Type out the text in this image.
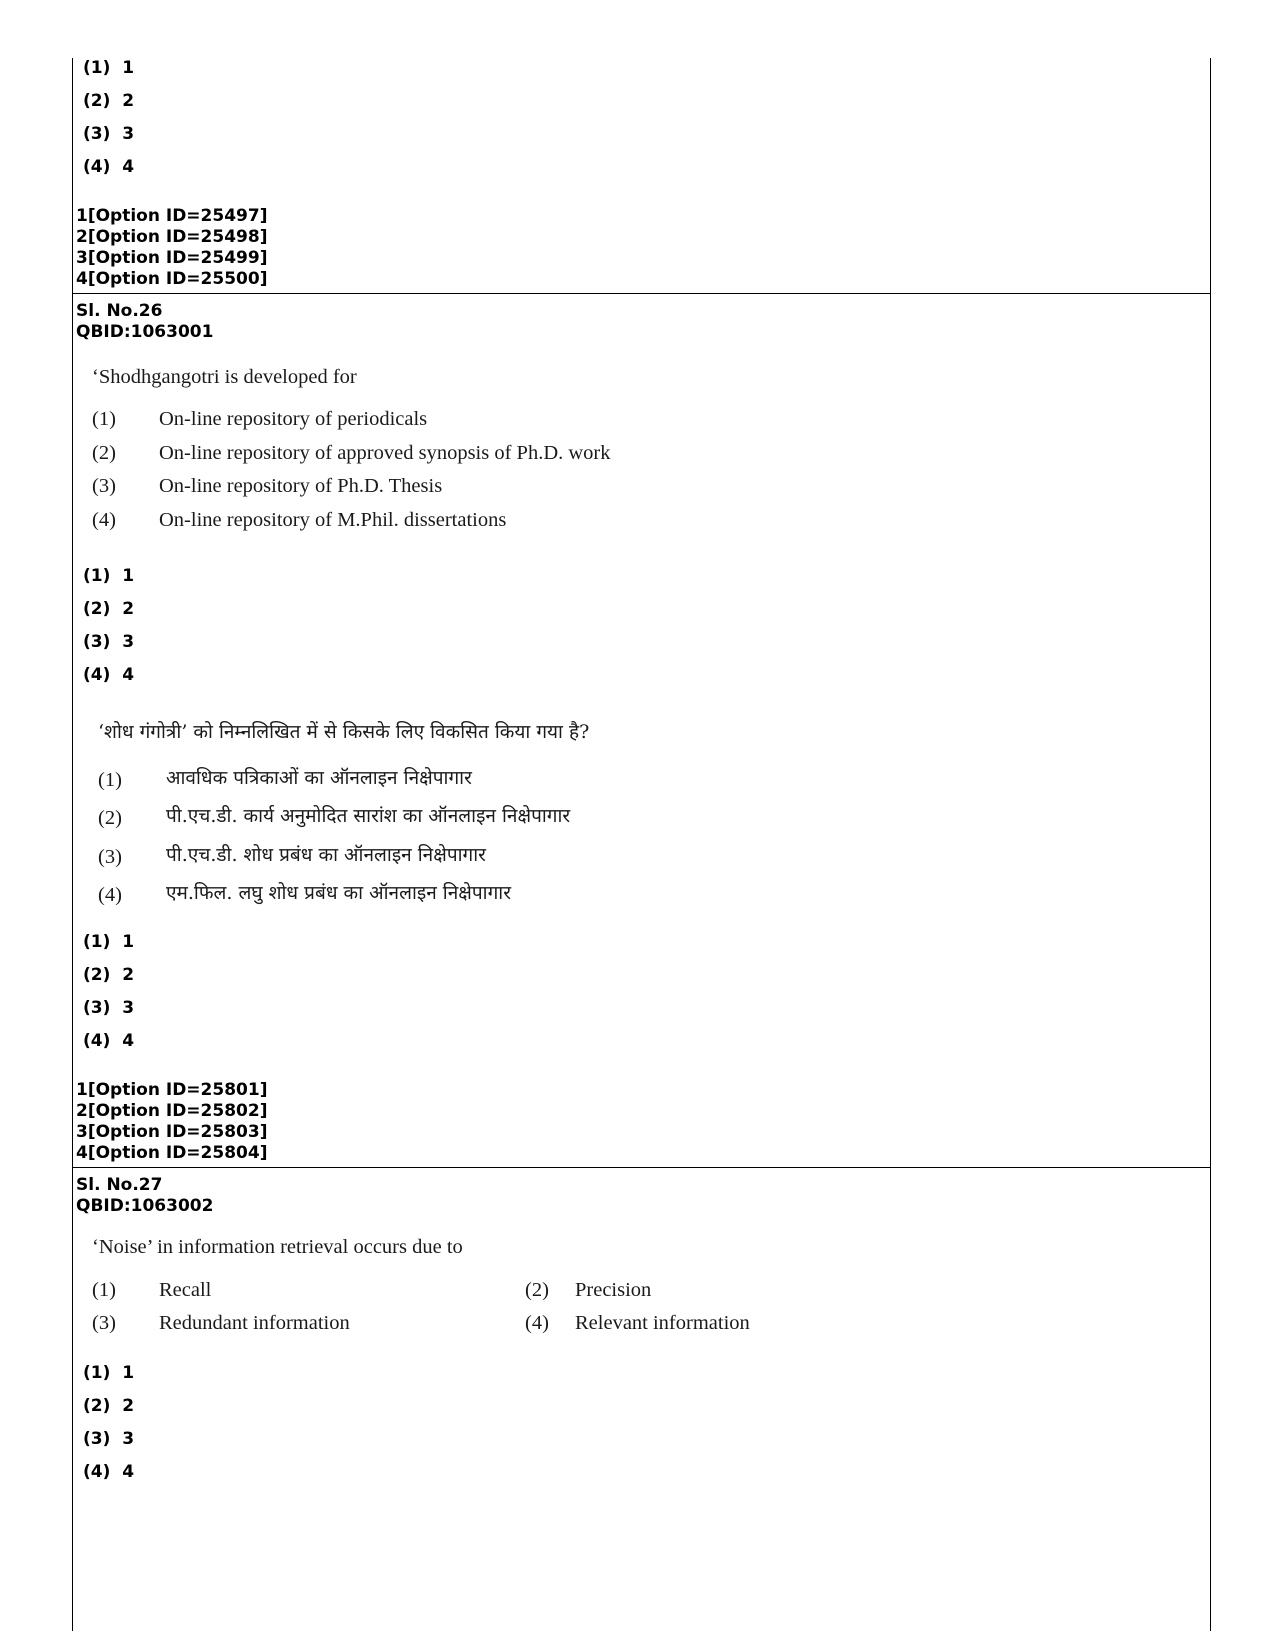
(1)  1
(2)  2
(3)  3
(4)  4
1[Option ID=25497]
2[Option ID=25498]
3[Option ID=25499]
4[Option ID=25500]
Sl. No.26
QBID:1063001
‘Shodhgangotri is developed for
(1) On-line repository of periodicals
(2) On-line repository of approved synopsis of Ph.D. work
(3) On-line repository of Ph.D. Thesis
(4) On-line repository of M.Phil. dissertations
(1)  1
(2)  2
(3)  3
(4)  4
‘शोध गंगोत्री’ को निम्नलिखित में से किसके लिए विकसित किया गया है?
(1) आवधिक पत्रिकाओं का ऑनलाइन निक्षेपागार
(2) पी.एच.डी. कार्य अनुमोदित सारांश का ऑनलाइन निक्षेपागार
(3) पी.एच.डी. शोध प्रबंध का ऑनलाइन निक्षेपागार
(4) एम.फिल. लघु शोध प्रबंध का ऑनलाइन निक्षेपागार
(1)  1
(2)  2
(3)  3
(4)  4
1[Option ID=25801]
2[Option ID=25802]
3[Option ID=25803]
4[Option ID=25804]
Sl. No.27
QBID:1063002
‘Noise’ in information retrieval occurs due to
(1) Recall	(2) Precision
(3) Redundant information	(4) Relevant information
(1)  1
(2)  2
(3)  3
(4)  4
